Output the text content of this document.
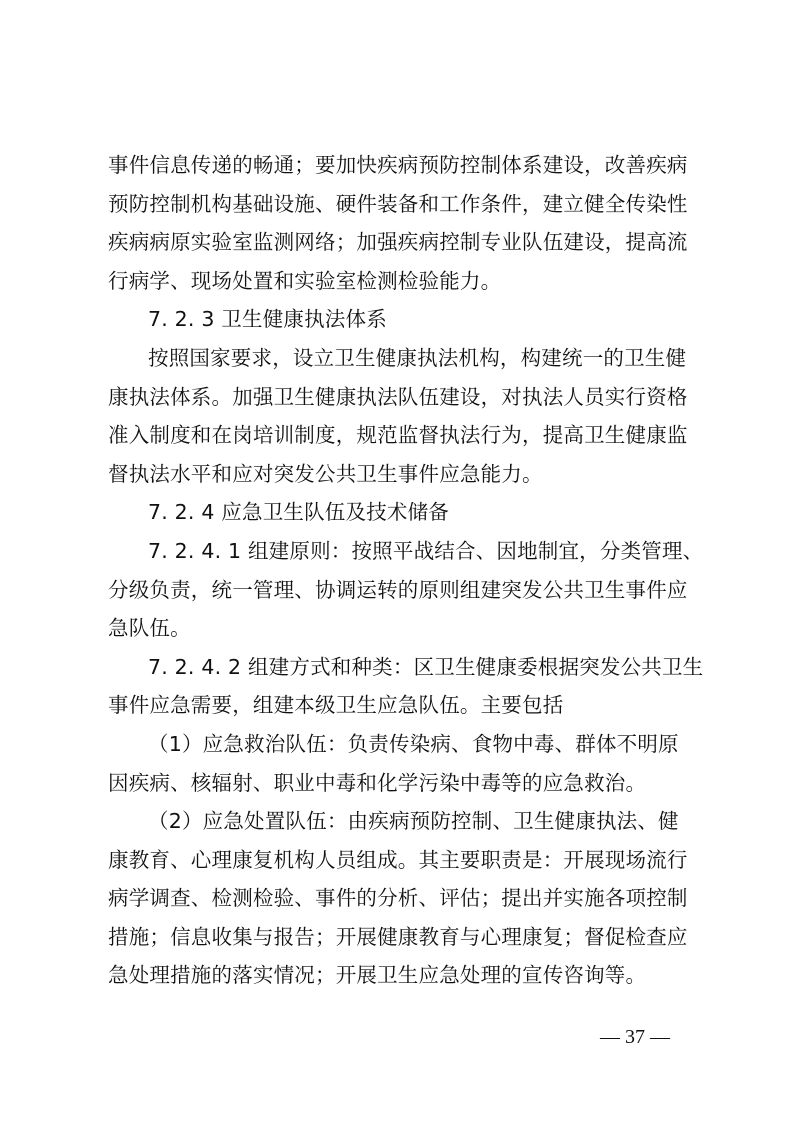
事件信息传递的畅通；要加快疾病预防控制体系建设，改善疾病
预防控制机构基础设施、硬件装备和工作条件，建立健全传染性
疾病病原实验室监测网络；加强疾病控制专业队伍建设，提高流
行病学、现场处置和实验室检测检验能力。
7. 2. 3 卫生健康执法体系
按照国家要求，设立卫生健康执法机构，构建统一的卫生健
康执法体系。加强卫生健康执法队伍建设，对执法人员实行资格
准入制度和在岗培训制度，规范监督执法行为，提高卫生健康监
督执法水平和应对突发公共卫生事件应急能力。
7. 2. 4 应急卫生队伍及技术储备
7. 2. 4. 1 组建原则：按照平战结合、因地制宜，分类管理、
分级负责，统一管理、协调运转的原则组建突发公共卫生事件应
急队伍。
7. 2. 4. 2 组建方式和种类：区卫生健康委根据突发公共卫生
事件应急需要，组建本级卫生应急队伍。主要包括
（1）应急救治队伍：负责传染病、食物中毒、群体不明原
因疾病、核辐射、职业中毒和化学污染中毒等的应急救治。
（2）应急处置队伍：由疾病预防控制、卫生健康执法、健
康教育、心理康复机构人员组成。其主要职责是：开展现场流行
病学调查、检测检验、事件的分析、评估；提出并实施各项控制
措施；信息收集与报告；开展健康教育与心理康复；督促检查应
急处理措施的落实情况；开展卫生应急处理的宣传咨询等。
— 37 —
